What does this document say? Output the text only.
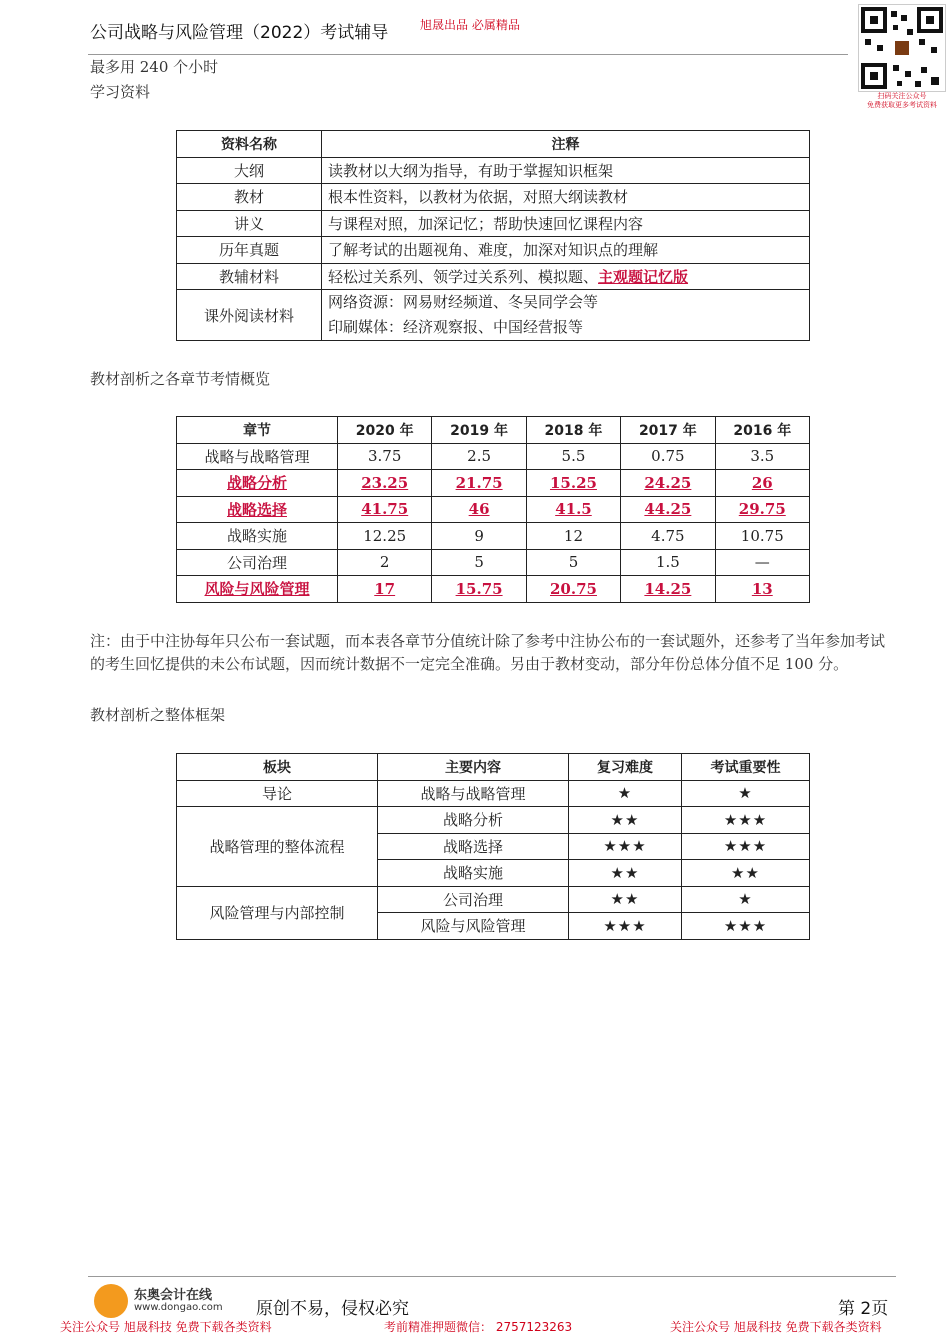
公司战略与风险管理（2022）考试辅导	旭晟出品 必属精品
扫码关注公众号
免费获取更多考试资料
最多用 240 个小时
学习资料
资料名称	注释
大纲	读教材以大纲为指导，有助于掌握知识框架
教材	根本性资料，以教材为依据，对照大纲读教材
讲义	与课程对照，加深记忆；帮助快速回忆课程内容
历年真题	了解考试的出题视角、难度，加深对知识点的理解
教辅材料	轻松过关系列、领学过关系列、模拟题、主观题记忆版
课外阅读材料	网络资源：网易财经频道、冬吴同学会等
印刷媒体：经济观察报、中国经营报等
教材剖析之各章节考情概览
章节	2020 年	2019 年	2018 年	2017 年	2016 年
战略与战略管理	3.75	2.5	5.5	0.75	3.5
战略分析	23.25	21.75	15.25	24.25	26
战略选择	41.75	46	41.5	44.25	29.75
战略实施	12.25	9	12	4.75	10.75
公司治理	2	5	5	1.5	—
风险与风险管理	17	15.75	20.75	14.25	13
注：由于中注协每年只公布一套试题，而本表各章节分值统计除了参考中注协公布的一套试题外，还参考了当年参加考试的考生回忆提供的未公布试题，因而统计数据不一定完全准确。另由于教材变动，部分年份总体分值不足 100 分。
教材剖析之整体框架
板块	主要内容	复习难度	考试重要性
导论	战略与战略管理	★	★
战略管理的整体流程	战略分析	★★	★★★
	战略选择	★★★	★★★
	战略实施	★★	★★
风险管理与内部控制	公司治理	★★	★
	风险与风险管理	★★★	★★★
东奥会计在线
www.dongao.com 原创不易，侵权必究	第 2页
关注公众号 旭晟科技 免费下载各类资料	考前精准押题微信： 2757123263	关注公众号 旭晟科技 免费下载各类资料
